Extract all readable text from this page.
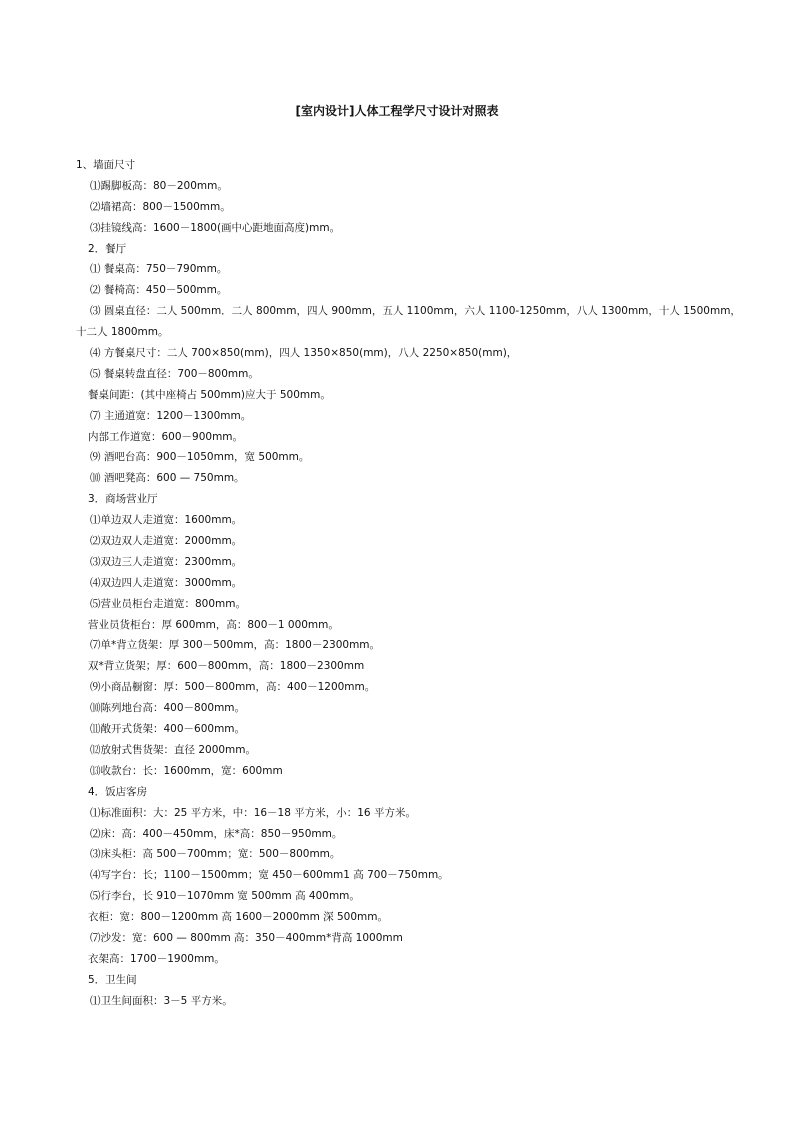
[室内设计]人体工程学尺寸设计对照表
1、墙面尺寸
⑴踢脚板高：80－200mm。
⑵墙裙高：800－1500mm。
⑶挂镜线高：1600－1800(画中心距地面高度)mm。
2．餐厅
⑴ 餐桌高：750－790mm。
⑵ 餐椅高：450－500mm。
⑶ 圆桌直径：二人 500mm．二人 800mm，四人 900mm，五人 1100mm，六人 1100-1250mm，八人 1300mm，十人 1500mm，
十二人 1800mm。
⑷ 方餐桌尺寸：二人 700×850(mm)，四人 1350×850(mm)，八人 2250×850(mm)，
⑸ 餐桌转盘直径：700－800mm。
餐桌间距：(其中座椅占 500mm)应大于 500mm。
⑺ 主通道宽：1200－1300mm。
内部工作道宽：600－900mm。
⑼ 酒吧台高：900－1050mm，宽 500mm。
⑽ 酒吧凳高：600 — 750mm。
3．商场营业厅
⑴单边双人走道宽：1600mm。
⑵双边双人走道宽：2000mm。
⑶双边三人走道宽：2300mm。
⑷双边四人走道宽：3000mm。
⑸营业员柜台走道宽：800mm。
营业员货柜台：厚 600mm，高：800－1 000mm。
⑺单*背立货架：厚 300－500mm，高：1800－2300mm。
双*背立货架；厚：600－800mm，高：1800－2300mm
⑼小商品橱窗：厚：500－800mm，高：400－1200mm。
⑽陈列地台高：400－800mm。
⑾敞开式货架：400－600mm。
⑿放射式售货架：直径 2000mm。
⒀收款台：长：1600mm，宽：600mm
4．饭店客房
⑴标准面积：大：25 平方米，中：16－18 平方米，小：16 平方米。
⑵床：高：400－450mm，床*高：850－950mm。
⑶床头柜：高 500－700mm；宽：500－800mm。
⑷写字台：长；1100－1500mm；宽 450－600mm1 高 700－750mm。
⑸行李台，长 910－1070mm 宽 500mm 高 400mm。
衣柜：宽：800－1200mm 高 1600－2000mm 深 500mm。
⑺沙发：宽：600 — 800mm 高：350－400mm*背高 1000mm
衣架高：1700－1900mm。
5．卫生间
⑴卫生间面积：3－5 平方米。
